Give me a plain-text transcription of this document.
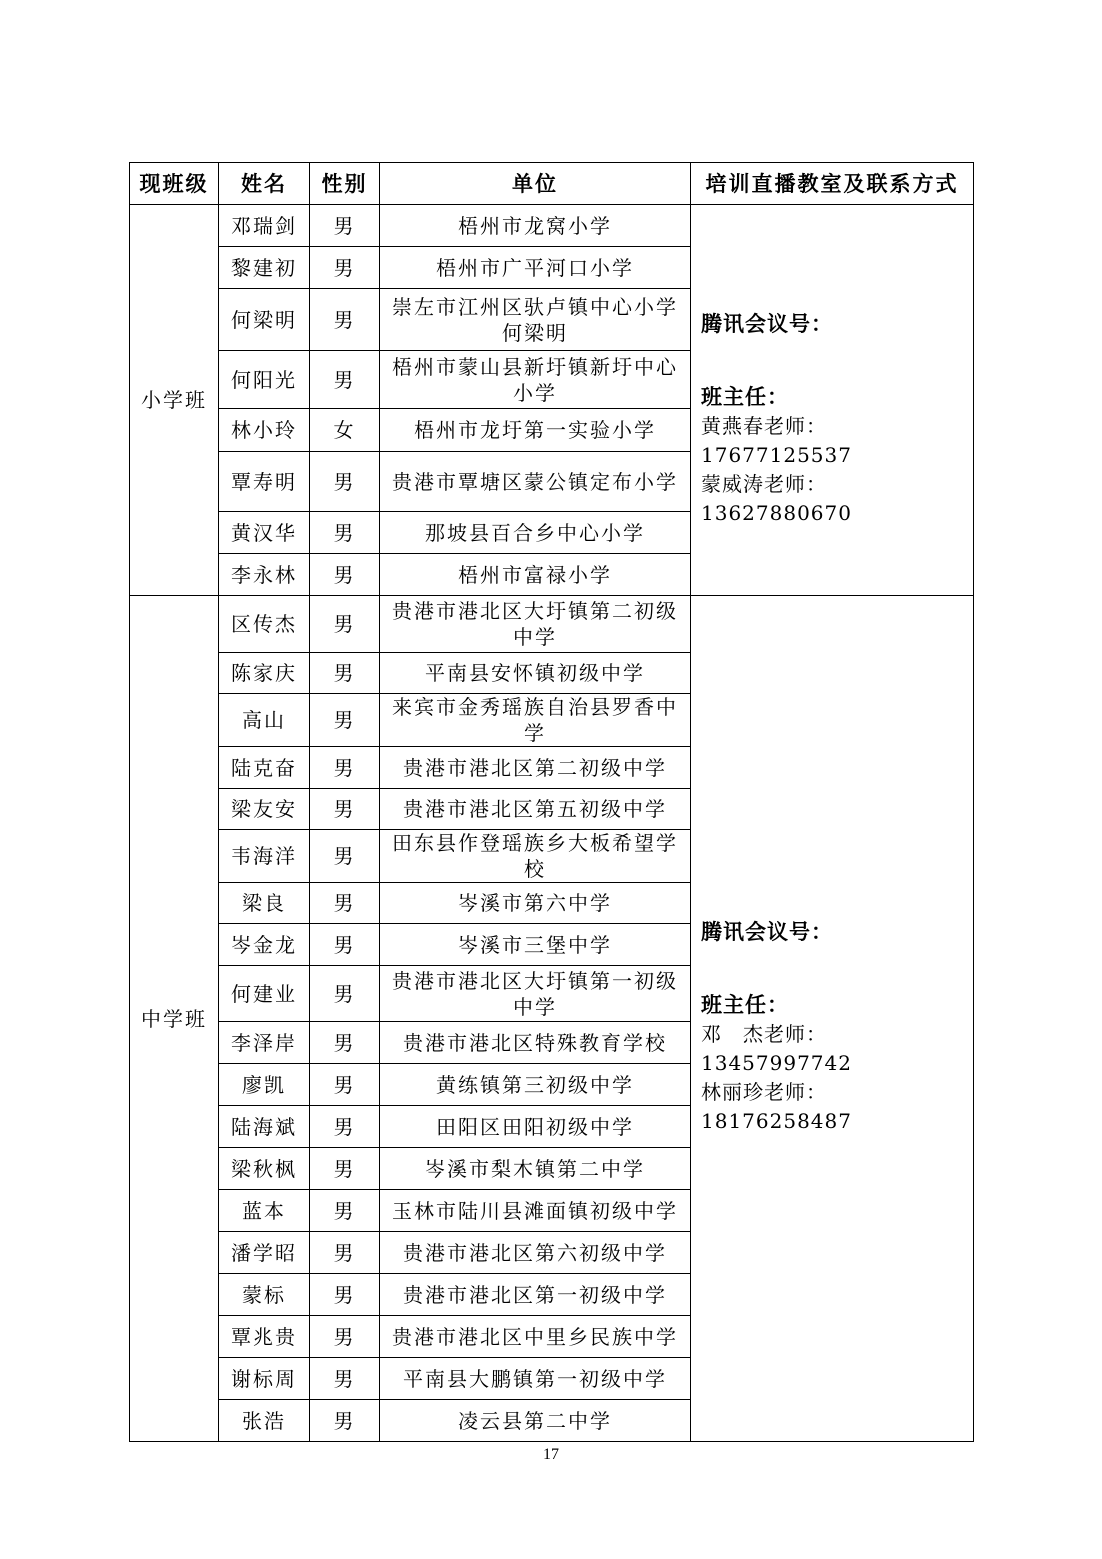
现班级	姓名	性别	单位	培训直播教室及联系方式
小学班	邓瑞剑	男	梧州市龙窝小学	腾讯会议号：
班主任：
黄燕春老师：17677125537
蒙威涛老师：13627880670

	黎建初	男	梧州市广平河口小学	
	何梁明	男	崇左市江州区驮卢镇中心小学何梁明	
	何阳光	男	梧州市蒙山县新圩镇新圩中心小学	
	林小玲	女	梧州市龙圩第一实验小学	
	覃寿明	男	贵港市覃塘区蒙公镇定布小学	
	黄汉华	男	那坡县百合乡中心小学	
	李永林	男	梧州市富禄小学	
中学班	区传杰	男	贵港市港北区大圩镇第二初级中学	腾讯会议号：
班主任：
邓　杰老师：13457997742
林丽珍老师：18176258487

	陈家庆	男	平南县安怀镇初级中学	
	高山	男	来宾市金秀瑶族自治县罗香中学	
	陆克奋	男	贵港市港北区第二初级中学	
	梁友安	男	贵港市港北区第五初级中学	
	韦海洋	男	田东县作登瑶族乡大板希望学校	
	梁良	男	岑溪市第六中学	
	岑金龙	男	岑溪市三堡中学	
	何建业	男	贵港市港北区大圩镇第一初级中学	
	李泽岸	男	贵港市港北区特殊教育学校	
	廖凯	男	黄练镇第三初级中学	
	陆海斌	男	田阳区田阳初级中学	
	梁秋枫	男	岑溪市梨木镇第二中学	
	蓝本	男	玉林市陆川县滩面镇初级中学	
	潘学昭	男	贵港市港北区第六初级中学	
	蒙标	男	贵港市港北区第一初级中学	
	覃兆贵	男	贵港市港北区中里乡民族中学	
	谢标周	男	平南县大鹏镇第一初级中学	
	张浩	男	凌云县第二中学	
17
